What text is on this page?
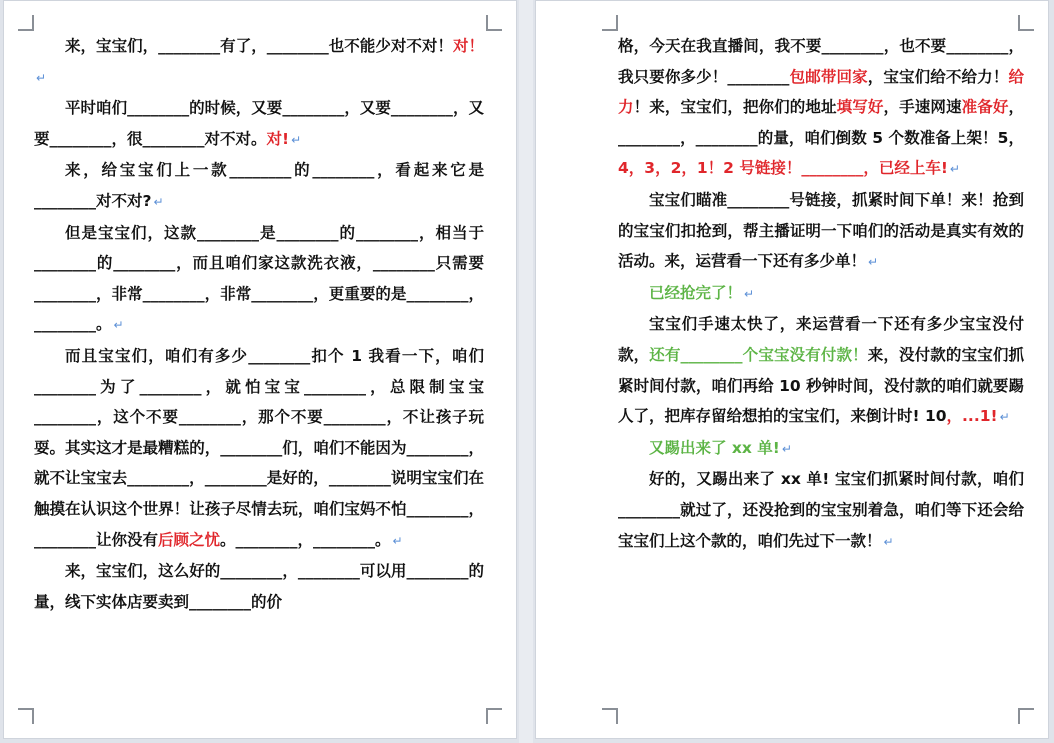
来，宝宝们，________有了，________也不能少对不对！对！↵

平时咱们________的时候，又要________，又要________，又要________，很________对不对。对! ↵

来，给宝宝们上一款________的________，看起来它是________对不对? ↵

但是宝宝们，这款________是________的________，相当于________的________，而且咱们家这款洗衣液，________只需要________，非常________，非常________，更重要的是________，________。 ↵

而且宝宝们，咱们有多少________扣个 1 我看一下，咱们________为了________，就怕宝宝________，总限制宝宝________，这个不要________，那个不要________，不让孩子玩耍。其实这才是最糟糕的，________们，咱们不能因为________，就不让宝宝去________，________是好的，________说明宝宝们在触摸在认识这个世界！让孩子尽情去玩，咱们宝妈不怕________，________让你没有后顾之忧。________，________。 ↵

来，宝宝们，这么好的________，________可以用________的量，线下实体店要卖到________的价

格，今天在我直播间，我不要________，也不要________，我只要你多少！________包邮带回家，宝宝们给不给力！给力！来，宝宝们，把你们的地址填写好，手速网速准备好，________，________的量，咱们倒数 5 个数准备上架！5，4，3，2，1！2 号链接！________，已经上车! ↵

宝宝们瞄准________号链接，抓紧时间下单！来！抢到的宝宝们扣抢到，帮主播证明一下咱们的活动是真实有效的活动。来，运营看一下还有多少单！ ↵

已经抢完了！ ↵

宝宝们手速太快了，来运营看一下还有多少宝宝没付款，还有________个宝宝没有付款！来，没付款的宝宝们抓紧时间付款，咱们再给 10 秒钟时间，没付款的咱们就要踢人了，把库存留给想拍的宝宝们，来倒计时! 10，...1! ↵

又踢出来了 xx 单! ↵

好的，又踢出来了 xx 单! 宝宝们抓紧时间付款，咱们________就过了，还没抢到的宝宝别着急，咱们等下还会给宝宝们上这个款的，咱们先过下一款！ ↵
